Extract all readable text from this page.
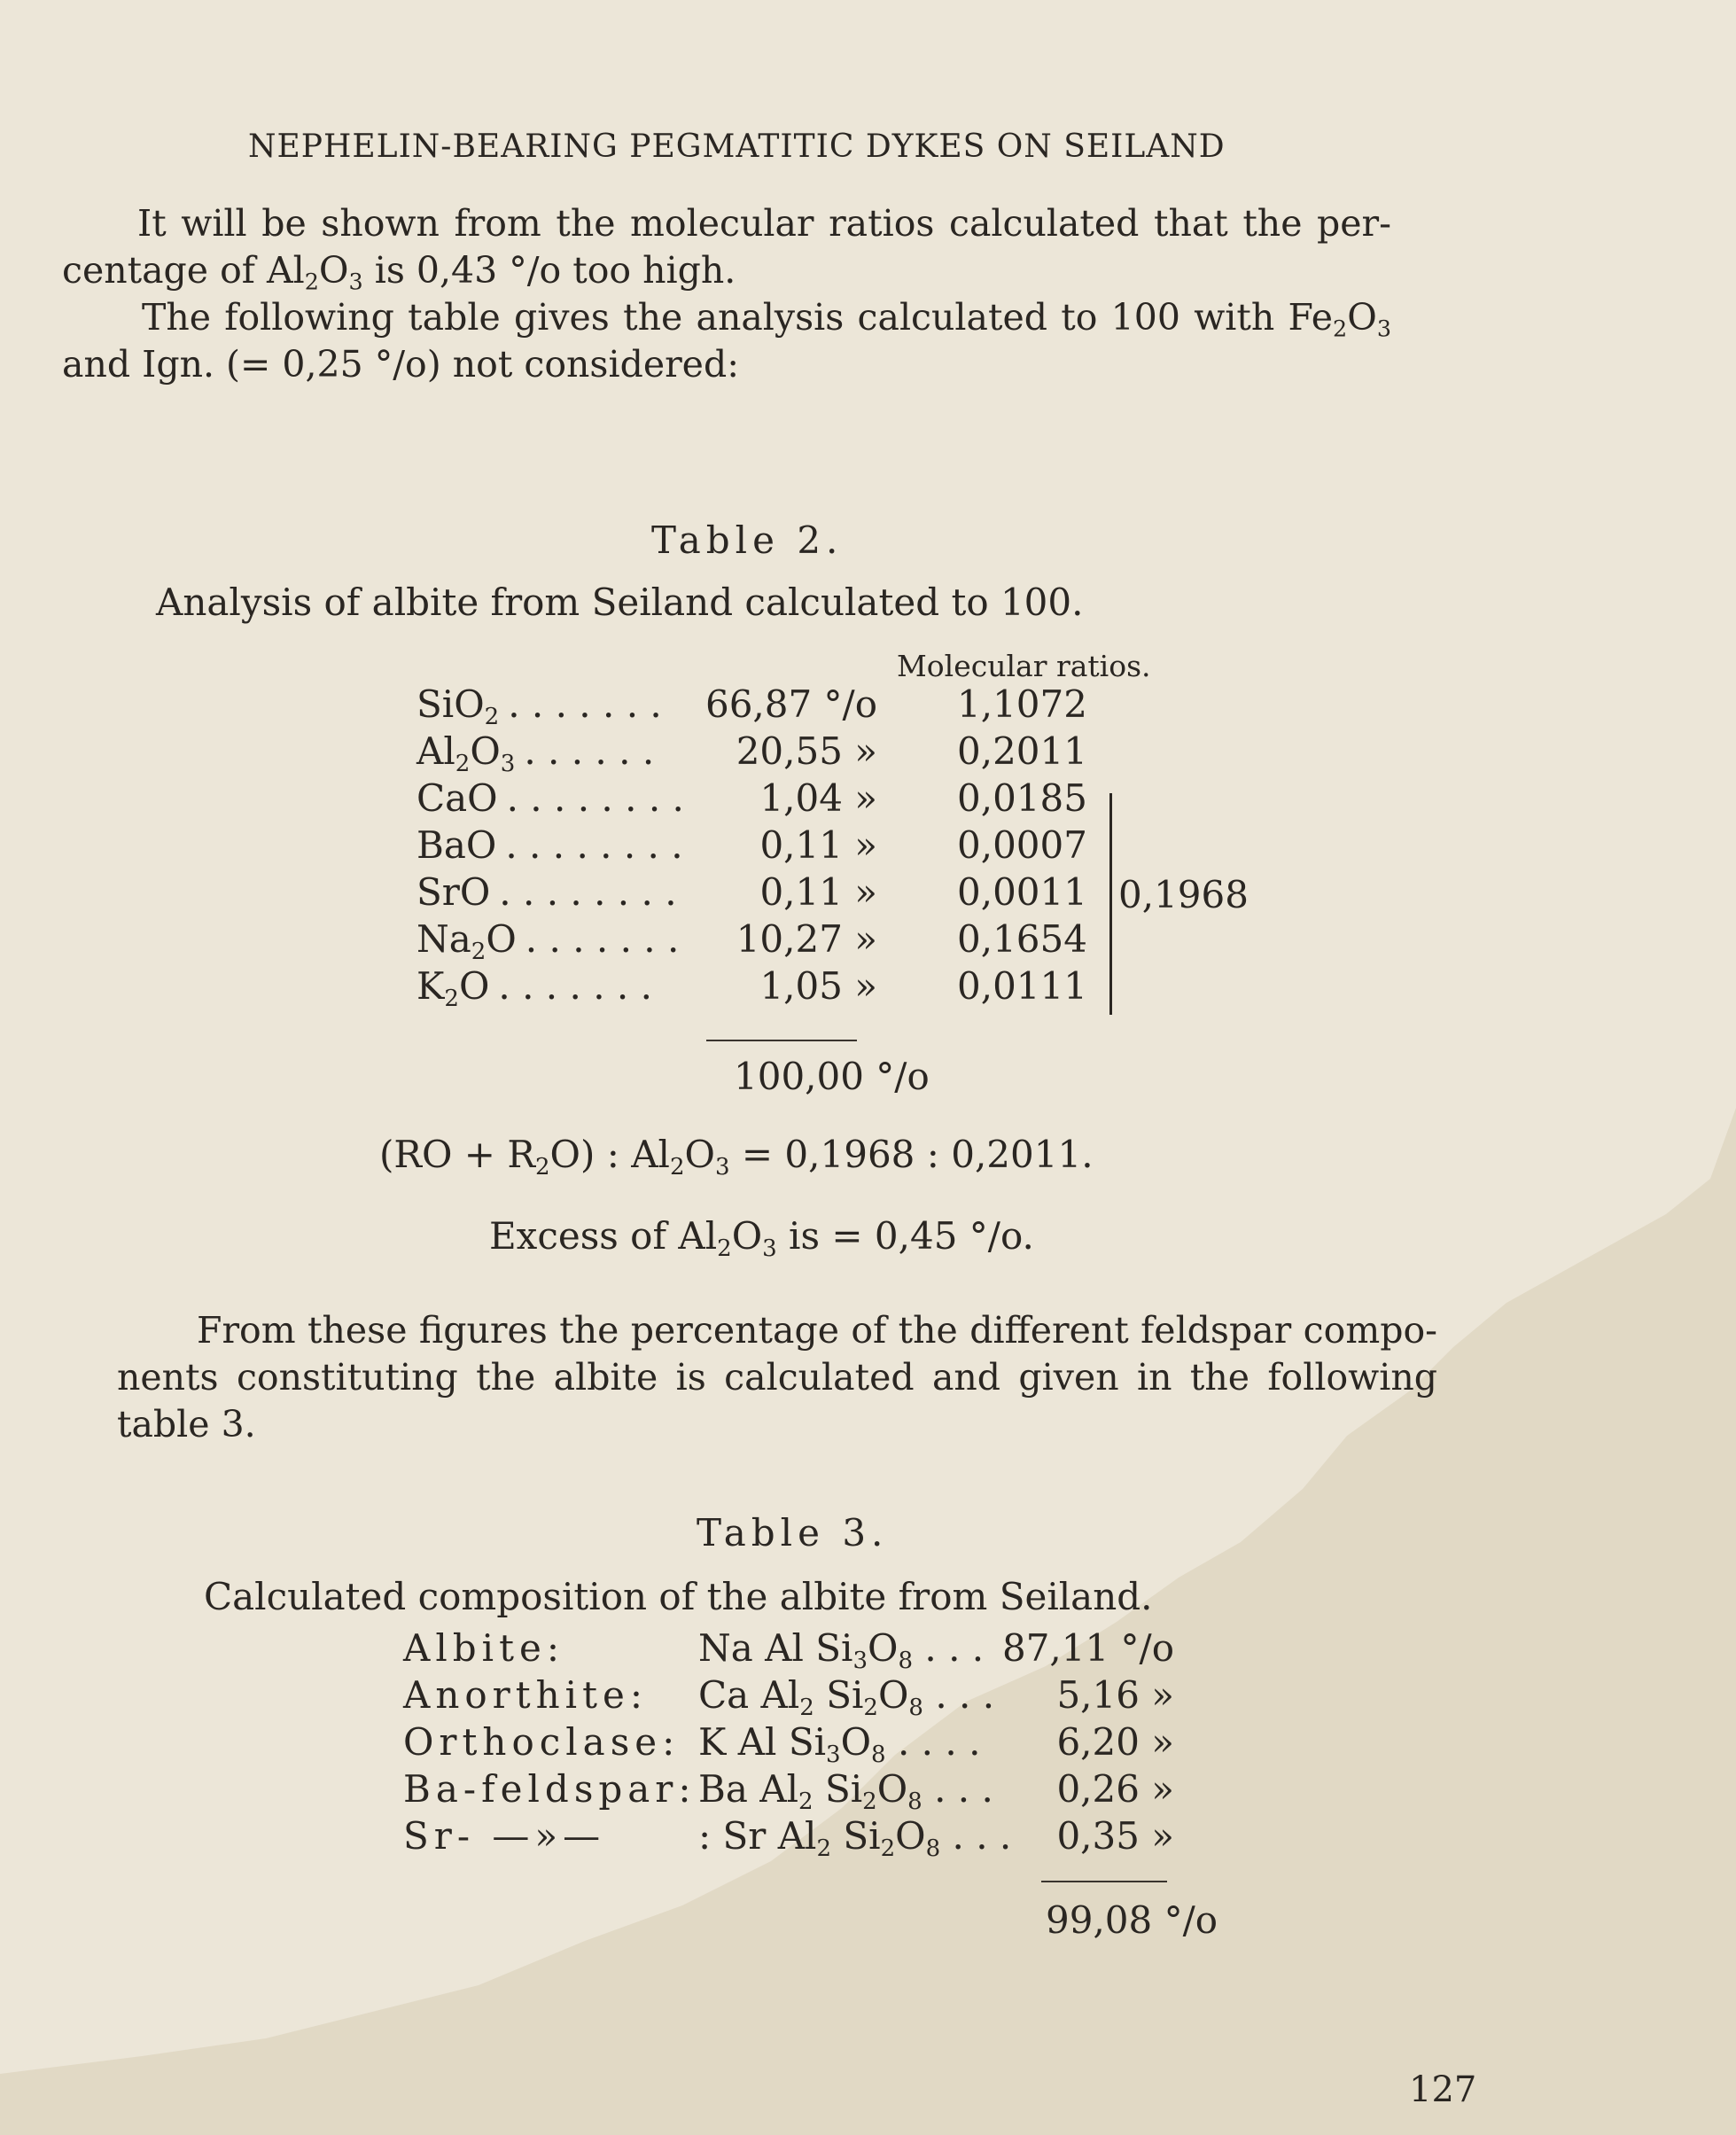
NEPHELIN-BEARING PEGMATITIC DYKES ON SEILAND
It will be shown from the molecular ratios calculated that the per-
centage of $Al_2O_3$ is 0,43 °/o too high.
The following table gives the analysis calculated to 100 with $Fe_2O_3$
and Ign. (= 0,25 °/o) not considered:
Table 2.
Analysis of albite from Seiland calculated to 100.
Molecular ratios.
SiO$_2$ . . . . . . .	66,87 °/o 1,1072
$Al_2O_3$ . . . . . .	20,55 » 0,2011
CaO . . . . . . . .	1,04 » 0,0185
BaO . . . . . . . .	0,11 » 0,0007
SrO . . . . . . . .	0,11 » 0,0011
$Na_2O$ . . . . . . .	10,27 » 0,1654
$K_2O$ . . . . . . .	1,05 » 0,0111
0,1968
100,00 °/o
$(RO + R_2O)$ : $Al_2O_3 = 0,1968$ : 0,2011.
Excess of $Al_2O_3$ is = 0,45 °/o.
From these figures the percentage of the different feldspar compo-
nents constituting the albite is calculated and given in the following
table 3.
Table 3.
Calculated composition of the albite from Seiland.
Albite:	Na Al $Si_3O_8$ . . . 87,11 °/o
Anorthite: Ca $Al_2$ $Si_2O_8$ . . .	5,16 »
Orthoclase: K Al $Si_3O_8$ . . . .	6,20 »
Ba-feldspar: Ba $Al_2$ $Si_2O_8$ . . .	0,26 »
Sr- —»— : Sr $Al_2$ $Si_2O_8$ . . .	0,35 »
99,08 °/o
127
